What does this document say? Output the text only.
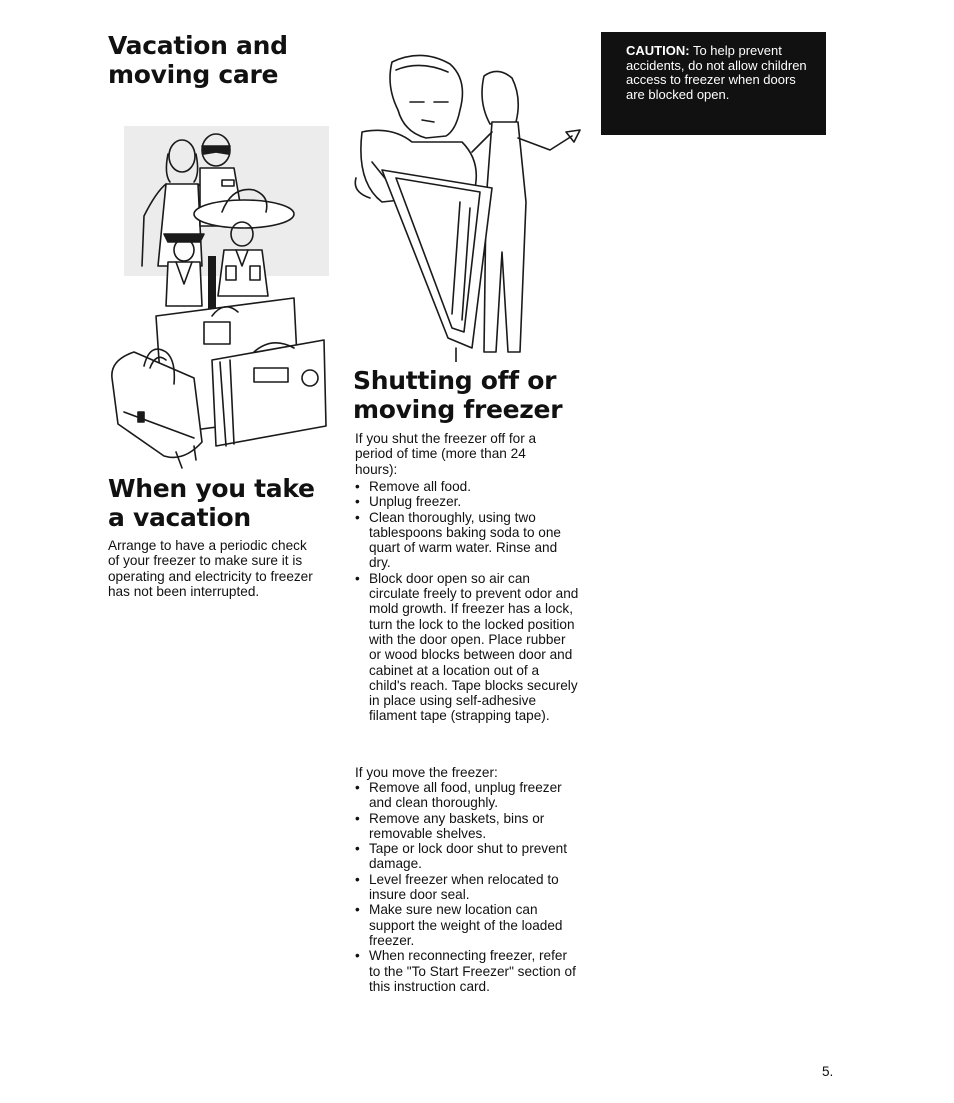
Vacation and moving care
When you take a vacation

Arrange to have a periodic check of your freezer to make sure it is operating and electricity to freezer has not been interrupted.

Shutting off or moving freezer

If you shut the freezer off for a period of time (more than 24 hours):

• Remove all food.
• Unplug freezer.
• Clean thoroughly, using two tablespoons baking soda to one quart of warm water. Rinse and dry.
• Block door open so air can circulate freely to prevent odor and mold growth. If freezer has a lock, turn the lock to the locked position with the door open. Place rubber or wood blocks between door and cabinet at a location out of a child's reach. Tape blocks securely in place using self-adhesive filament tape (strapping tape).

If you move the freezer:

• Remove all food, unplug freezer and clean thoroughly.
• Remove any baskets, bins or removable shelves.
• Tape or lock door shut to prevent damage.
• Level freezer when relocated to insure door seal.
• Make sure new location can support the weight of the loaded freezer.
• When reconnecting freezer, refer to the "To Start Freezer" section of this instruction card.
CAUTION: To help prevent accidents, do not allow children access to freezer when doors are blocked open.
5.
